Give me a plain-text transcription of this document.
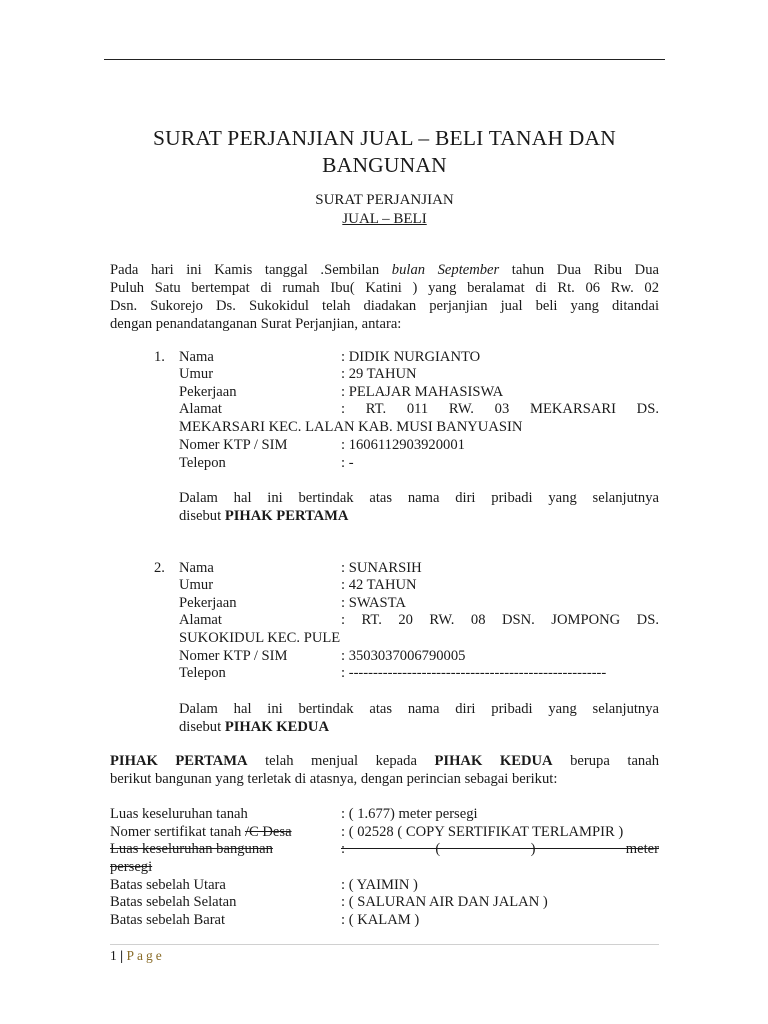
SURAT PERJANJIAN JUAL – BELI TANAH DAN
BANGUNAN
SURAT PERJANJIAN
JUAL – BELI
Pada hari ini Kamis tanggal .Sembilan bulan September tahun Dua Ribu Dua
Puluh Satu bertempat di rumah Ibu( Katini ) yang beralamat di Rt. 06 Rw. 02
Dsn. Sukorejo Ds. Sukokidul telah diadakan perjanjian jual beli yang ditandai
dengan penandatanganan Surat Perjanjian, antara:
1. Nama	: DIDIK NURGIANTO
Umur	: 29 TAHUN
Pekerjaan	: PELAJAR MAHASISWA
Alamat	: RT. 011 RW. 03 MEKARSARI DS.
MEKARSARI KEC. LALAN KAB. MUSI BANYUASIN
Nomer KTP / SIM	: 1606112903920001
Telepon	: -
Dalam hal ini bertindak atas nama diri pribadi yang selanjutnya
disebut PIHAK PERTAMA
2. Nama	: SUNARSIH
Umur	: 42 TAHUN
Pekerjaan	: SWASTA
Alamat	: RT. 20 RW. 08 DSN. JOMPONG DS.
SUKOKIDUL KEC. PULE
Nomer KTP / SIM	: 3503037006790005
Telepon	: -----------------------------------------------------
Dalam hal ini bertindak atas nama diri pribadi yang selanjutnya
disebut PIHAK KEDUA
PIHAK PERTAMA telah menjual kepada PIHAK KEDUA berupa tanah
berikut bangunan yang terletak di atasnya, dengan perincian sebagai berikut:
Luas keseluruhan tanah	: ( 1.677) meter persegi
Nomer sertifikat tanah /C Desa	: ( 02528 ( COPY SERTIFIKAT TERLAMPIR )
Luas keseluruhan bangunan	: ( ) meter
persegi
Batas sebelah Utara	: ( YAIMIN )
Batas sebelah Selatan	: ( SALURAN AIR DAN JALAN )
Batas sebelah Barat	: ( KALAM )
1 | Page
